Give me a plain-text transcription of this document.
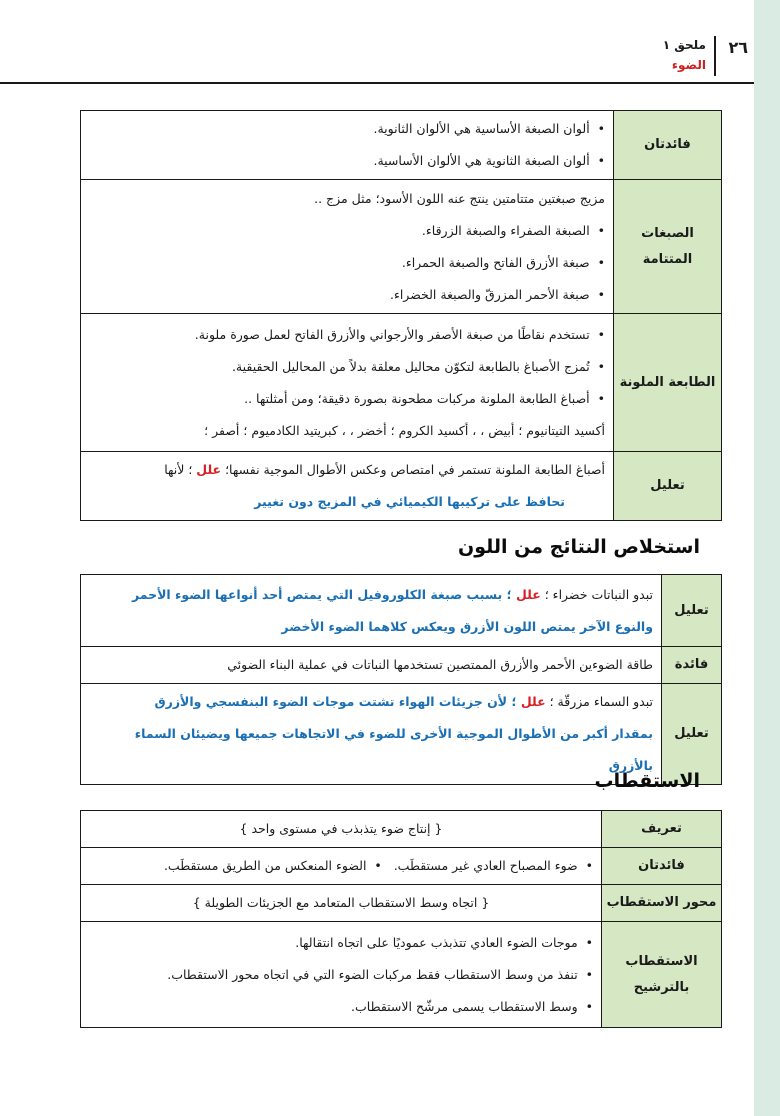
٢٦
ملحق ١
الضوء
فائدتان	•  ألوان الصبغة الأساسية هي الألوان الثانوية.
•  ألوان الصبغة الثانوية هي الألوان الأساسية.

الصبغات المتتامة	مزيج صبغتين متتامتين ينتج عنه اللون الأسود؛ مثل مزج ..
•  الصبغة الصفراء والصبغة الزرقاء.
•  صبغة الأزرق الفاتح والصبغة الحمراء.
•  صبغة الأحمر المزرقّ والصبغة الخضراء.

الطابعة الملونة	•  تستخدم نقاطًا من صبغة الأصفر والأرجواني والأزرق الفاتح لعمل صورة ملونة.
•  تُمزج الأصباغ بالطابعة لتكوّن محاليل معلقة بدلاً من المحاليل الحقيقية.
•  أصباغ الطابعة الملونة مركبات مطحونة بصورة دقيقة؛ ومن أمثلتها ..
أكسيد التيتانيوم ؛ أبيض ، ، أكسيد الكروم ؛ أخضر ، ، كبريتيد الكادميوم ؛ أصفر ؛

تعليل	أصباغ الطابعة الملونة تستمر في امتصاص وعكس الأطوال الموجية نفسها؛ علل ؛ لأنها
تحافظ على تركيبها الكيميائي في المزيج دون تغيير
استخلاص النتائج من اللون
تعليل	تبدو النباتات خضراء ؛ علل ؛ بسبب صبغة الكلوروفيل التي يمتص أحد أنواعها الضوء الأحمر
والنوع الآخر يمتص اللون الأزرق ويعكس كلاهما الضوء الأخضر

فائدة	طاقة الضوءين الأحمر والأزرق الممتصين تستخدمها النباتات في عملية البناء الضوئي
تعليل	تبدو السماء مزرقّة ؛ علل ؛ لأن جزيئات الهواء تشتت موجات الضوء البنفسجي والأزرق
بمقدار أكبر من الأطوال الموجية الأخرى للضوء في الاتجاهات جميعها ويضيئان السماء بالأزرق
الاستقطاب
تعريف	{ إنتاج ضوء يتذبذب في مستوى واحد }
فائدتان	•  ضوء المصباح العادي غير مستقطَب.   •  الضوء المنعكس من الطريق مستقطَب.
محور الاستقطاب	{ اتجاه وسط الاستقطاب المتعامد مع الجزيئات الطويلة }
الاستقطاب بالترشيح	•  موجات الضوء العادي تتذبذب عموديًا على اتجاه انتقالها.
•  تنفذ من وسط الاستقطاب فقط مركبات الضوء التي في اتجاه محور الاستقطاب.
•  وسط الاستقطاب يسمى مرشّح الاستقطاب.
